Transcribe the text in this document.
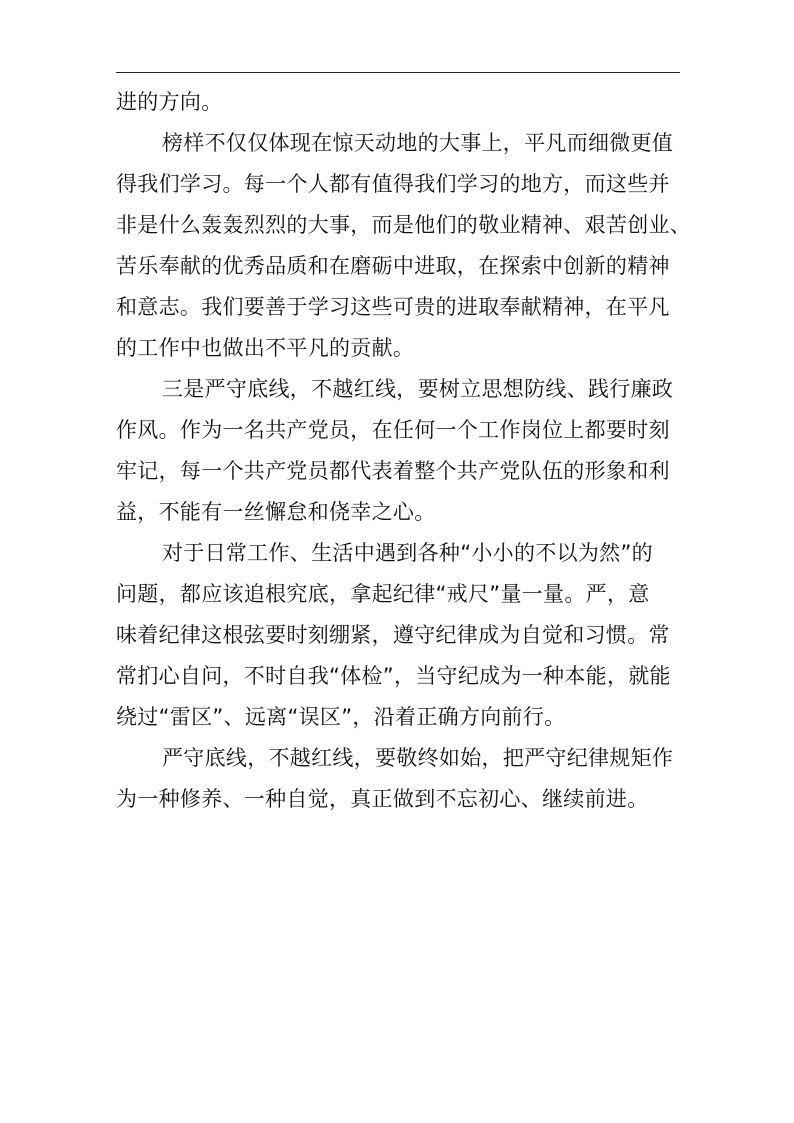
进的方向。
榜样不仅仅体现在惊天动地的大事上，平凡而细微更值
得我们学习。每一个人都有值得我们学习的地方，而这些并
非是什么轰轰烈烈的大事，而是他们的敬业精神、艰苦创业、
苦乐奉献的优秀品质和在磨砺中进取，在探索中创新的精神
和意志。我们要善于学习这些可贵的进取奉献精神，在平凡
的工作中也做出不平凡的贡献。
三是严守底线，不越红线，要树立思想防线、践行廉政
作风。作为一名共产党员，在任何一个工作岗位上都要时刻
牢记，每一个共产党员都代表着整个共产党队伍的形象和利
益，不能有一丝懈怠和侥幸之心。
对于日常工作、生活中遇到各种“小小的不以为然”的
问题，都应该追根究底，拿起纪律“戒尺”量一量。严，意
味着纪律这根弦要时刻绷紧，遵守纪律成为自觉和习惯。常
常扪心自问，不时自我“体检”，当守纪成为一种本能，就能
绕过“雷区”、远离“误区”，沿着正确方向前行。
严守底线，不越红线，要敬终如始，把严守纪律规矩作
为一种修养、一种自觉，真正做到不忘初心、继续前进。
